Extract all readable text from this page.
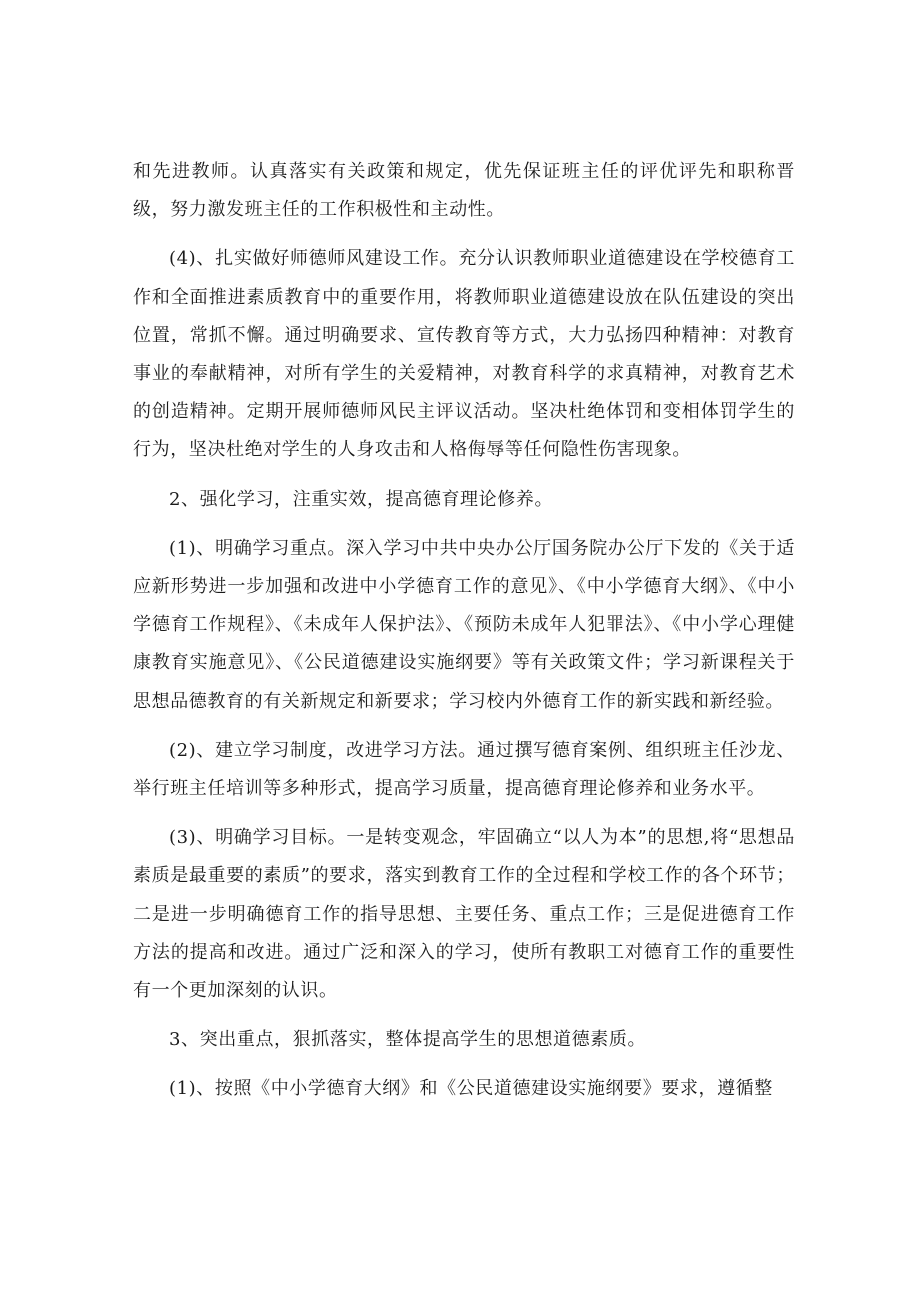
和先进教师。认真落实有关政策和规定，优先保证班主任的评优评先和职称晋级，努力激发班主任的工作积极性和主动性。

(4)、扎实做好师德师风建设工作。充分认识教师职业道德建设在学校德育工作和全面推进素质教育中的重要作用，将教师职业道德建设放在队伍建设的突出位置，常抓不懈。通过明确要求、宣传教育等方式，大力弘扬四种精神：对教育事业的奉献精神，对所有学生的关爱精神，对教育科学的求真精神，对教育艺术的创造精神。定期开展师德师风民主评议活动。坚决杜绝体罚和变相体罚学生的行为，坚决杜绝对学生的人身攻击和人格侮辱等任何隐性伤害现象。

2、强化学习，注重实效，提高德育理论修养。

(1)、明确学习重点。深入学习中共中央办公厅国务院办公厅下发的《关于适应新形势进一步加强和改进中小学德育工作的意见》、《中小学德育大纲》、《中小学德育工作规程》、《未成年人保护法》、《预防未成年人犯罪法》、《中小学心理健康教育实施意见》、《公民道德建设实施纲要》等有关政策文件；学习新课程关于思想品德教育的有关新规定和新要求；学习校内外德育工作的新实践和新经验。

(2)、建立学习制度，改进学习方法。通过撰写德育案例、组织班主任沙龙、举行班主任培训等多种形式，提高学习质量，提高德育理论修养和业务水平。

(3)、明确学习目标。一是转变观念，牢固确立“以人为本”的思想,将“思想品素质是最重要的素质”的要求，落实到教育工作的全过程和学校工作的各个环节；二是进一步明确德育工作的指导思想、主要任务、重点工作；三是促进德育工作方法的提高和改进。通过广泛和深入的学习，使所有教职工对德育工作的重要性有一个更加深刻的认识。

3、突出重点，狠抓落实，整体提高学生的思想道德素质。

(1)、按照《中小学德育大纲》和《公民道德建设实施纲要》要求，遵循整
